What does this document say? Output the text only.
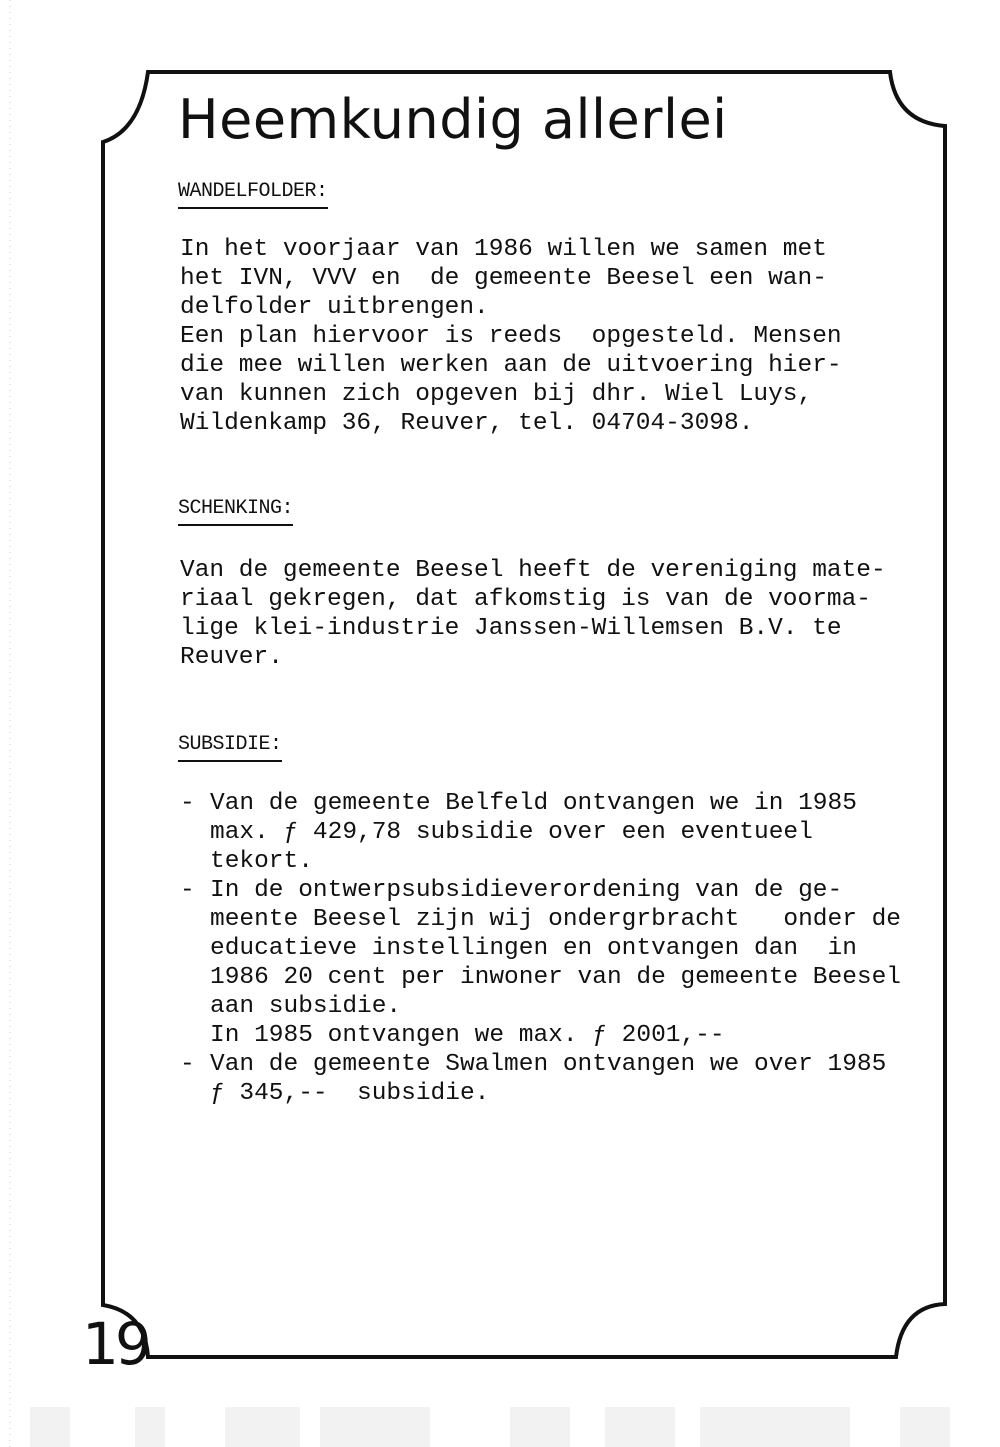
Heemkundig allerlei
WANDELFOLDER:
In het voorjaar van 1986 willen we samen met
het IVN, VVV en  de gemeente Beesel een wan-
delfolder uitbrengen.
Een plan hiervoor is reeds  opgesteld. Mensen
die mee willen werken aan de uitvoering hier-
van kunnen zich opgeven bij dhr. Wiel Luys,
Wildenkamp 36, Reuver, tel. 04704-3098.
SCHENKING:
Van de gemeente Beesel heeft de vereniging mate-
riaal gekregen, dat afkomstig is van de voorma-
lige klei-industrie Janssen-Willemsen B.V. te
Reuver.
SUBSIDIE:

-

Van de gemeente Belfeld ontvangen we in 1985
max. ƒ 429,78 subsidie over een eventueel
tekort.

-

In de ontwerpsubsidieverordening van de ge-
meente Beesel zijn wij ondergrbracht   onder de
educatieve instellingen en ontvangen dan  in
1986 20 cent per inwoner van de gemeente Beesel
aan subsidie.
In 1985 ontvangen we max. ƒ 2001,--

-

Van de gemeente Swalmen ontvangen we over 1985
ƒ 345,--  subsidie.

19
